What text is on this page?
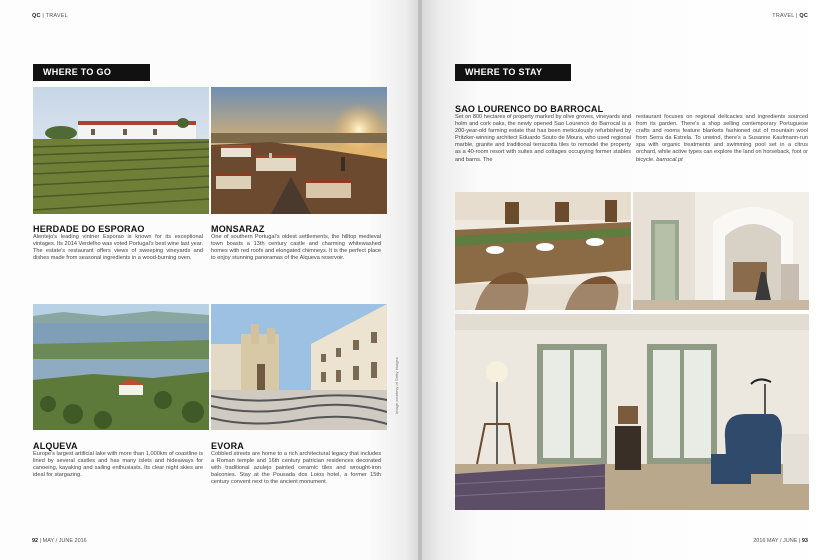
QC | TRAVEL
WHERE TO GO
HERDADE DO ESPORAO
Alentejo's leading vintner Esporao is known for its exceptional vintages. Its 2014 Verdelho was voted Portugal's best wine last year. The estate's restaurant offers views of sweeping vineyards and dishes made from seasonal ingredients in a wood-burning oven.
MONSARAZ
One of southern Portugal's oldest settlements, the hilltop medieval town boasts a 13th century castle and charming whitewashed homes with red roofs and elongated chimneys. It is the perfect place to enjoy stunning panoramas of the Alqueva reservoir.
ALQUEVA
Europe's largest artificial lake with more than 1,000km of coastline is lined by several castles and has many islets and hideaways for canoeing, kayaking and sailing enthusiasts. Its clear night skies are ideal for stargazing.
EVORA
Cobbled streets are home to a rich architectural legacy that includes a Roman temple and 16th century patrician residences decorated with traditional azulejo painted ceramic tiles and wrought-iron balconies. Stay at the Pousada dos Loios hotel, a former 15th century convent next to the ancient monument.
Image courtesy of Getty Images
92 | MAY / JUNE 2016
TRAVEL | QC
WHERE TO STAY
SAO LOURENCO DO BARROCAL
Set on 800 hectares of property marked by olive groves, vineyards and holm and cork oaks, the newly opened Sao Lourenco do Barrocal is a 200-year-old farming estate that has been meticulously refurbished by Pritzker-winning architect Eduardo Souto de Moura, who used regional marble, granite and traditional terracotta tiles to remodel the property as a 40-room resort with suites and cottages occupying former stables and barns. The
restaurant focuses on regional delicacies and ingredients sourced from its garden. There's a shop selling contemporary Portuguese crafts and rooms feature blankets fashioned out of mountain wool from Serra da Estrela. To unwind, there's a Susanne Kaufmann-run spa with organic treatments and swimming pool set in a citrus orchard, while active types can explore the land on horseback, foot or bicycle. barrocal.pt
2016 MAY / JUNE | 93
